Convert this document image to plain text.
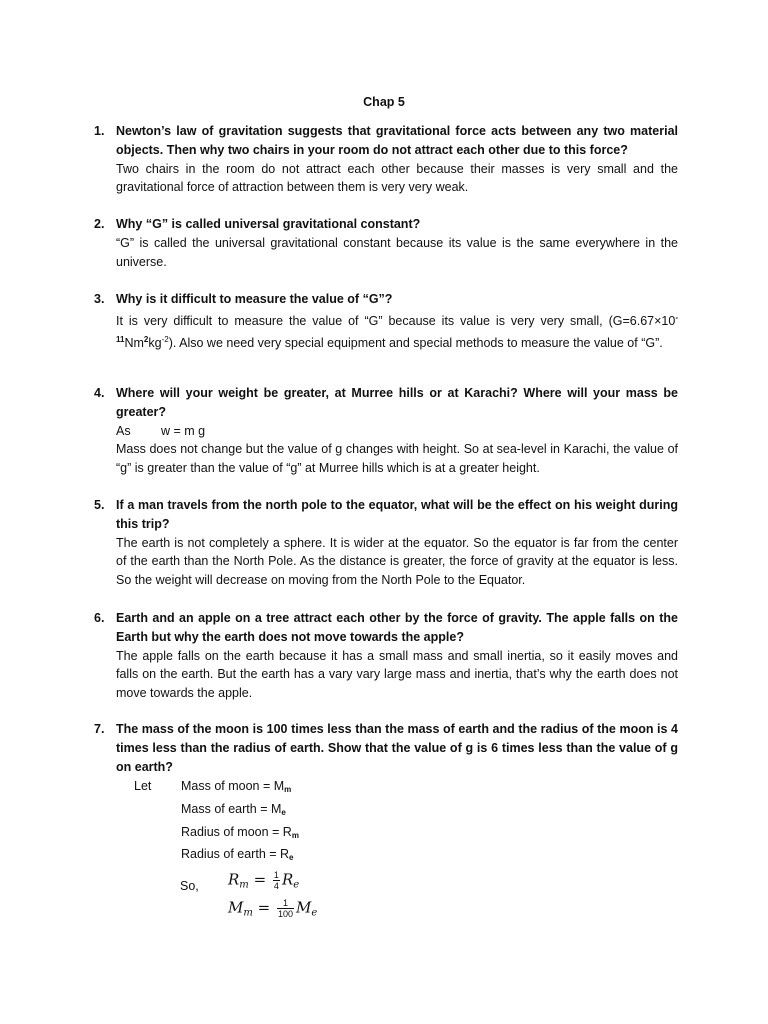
Chap 5
1. Newton’s law of gravitation suggests that gravitational force acts between any two material objects. Then why two chairs in your room do not attract each other due to this force?
Two chairs in the room do not attract each other because their masses is very small and the gravitational force of attraction between them is very very weak.
2. Why “G” is called universal gravitational constant?
“G” is called the universal gravitational constant because its value is the same everywhere in the universe.
3. Why is it difficult to measure the value of “G”?
It is very difficult to measure the value of “G” because its value is very very small, $(G=6.67\times 10^{-11}Nm^2kg^{-2})$. Also we need very special equipment and special methods to measure the value of “G”.
4. Where will your weight be greater, at Murree hills or at Karachi? Where will your mass be greater?
As w = m g
Mass does not change but the value of g changes with height. So at sea-level in Karachi, the value of “g” is greater than the value of “g” at Murree hills which is at a greater height.
5. If a man travels from the north pole to the equator, what will be the effect on his weight during this trip?
The earth is not completely a sphere. It is wider at the equator. So the equator is far from the center of the earth than the North Pole. As the distance is greater, the force of gravity at the equator is less. So the weight will decrease on moving from the North Pole to the Equator.
6. Earth and an apple on a tree attract each other by the force of gravity. The apple falls on the Earth but why the earth does not move towards the apple?
The apple falls on the earth because it has a small mass and small inertia, so it easily moves and falls on the earth. But the earth has a vary vary large mass and inertia, that’s why the earth does not move towards the apple.
7. The mass of the moon is 100 times less than the mass of earth and the radius of the moon is 4 times less than the radius of earth. Show that the value of g is 6 times less than the value of g on earth?
Let Mass of moon = $M_m$
Mass of earth = $M_e$
Radius of moon = $R_m$
Radius of earth = $R_e$
So, $R_m = \frac{1}{4} R_e$
$M_m = \frac{1}{100} M_e$
